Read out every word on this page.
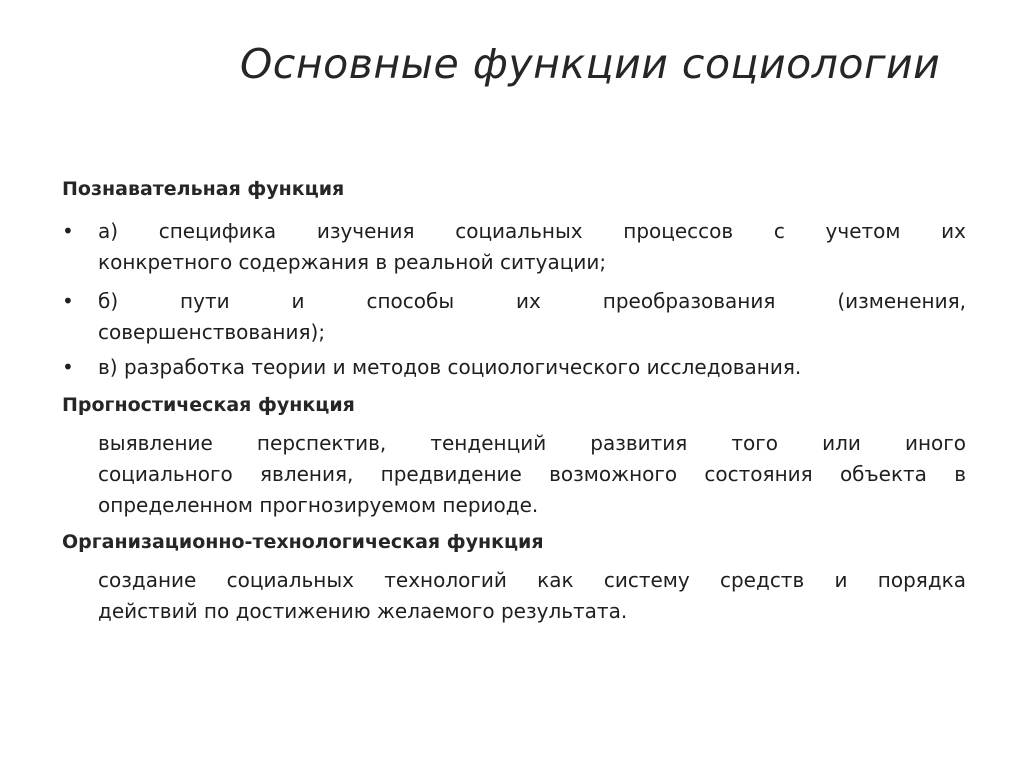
Основные функции социологии
Познавательная функция
•	а) специфика изучения социальных процессов с учетом их
конкретного содержания в реальной ситуации;
•	б) пути и способы их преобразования (изменения,
совершенствования);
•	в) разработка теории и методов социологического исследования.
Прогностическая функция
выявление перспектив, тенденций развития того или иного
социального явления, предвидение возможного состояния объекта в
определенном прогнозируемом периоде.
Организационно-технологическая функция
создание социальных технологий как систему средств и порядка
действий по достижению желаемого результата.
